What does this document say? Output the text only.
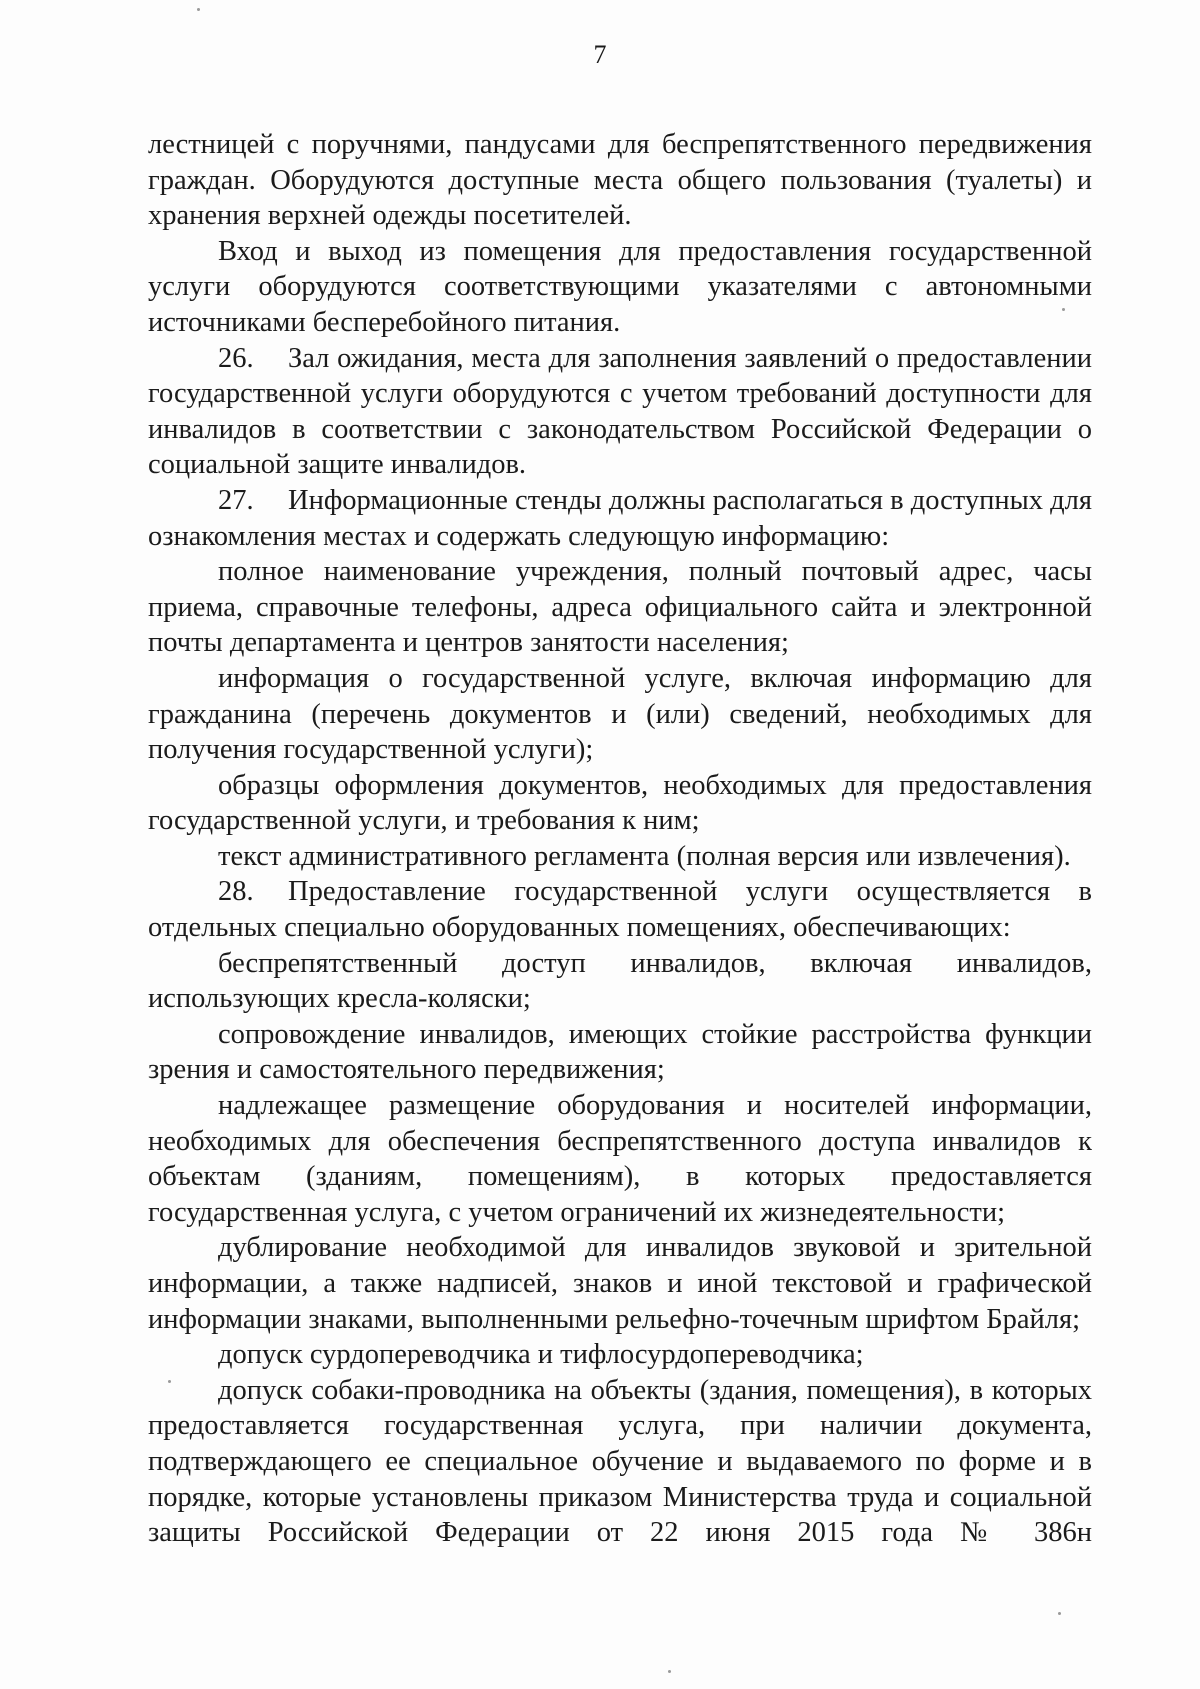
7

лестницей с поручнями, пандусами для беспрепятственного передвижения граждан. Оборудуются доступные места общего пользования (туалеты) и хранения верхней одежды посетителей.

Вход и выход из помещения для предоставления государственной услуги оборудуются соответствующими указателями с автономными источниками бесперебойного питания.

26. Зал ожидания, места для заполнения заявлений о предоставлении государственной услуги оборудуются с учетом требований доступности для инвалидов в соответствии с законодательством Российской Федерации о социальной защите инвалидов.

27. Информационные стенды должны располагаться в доступных для ознакомления местах и содержать следующую информацию:

полное наименование учреждения, полный почтовый адрес, часы приема, справочные телефоны, адреса официального сайта и электронной почты департамента и центров занятости населения;

информация о государственной услуге, включая информацию для гражданина (перечень документов и (или) сведений, необходимых для получения государственной услуги);

образцы оформления документов, необходимых для предоставления государственной услуги, и требования к ним;

текст административного регламента (полная версия или извлечения).

28. Предоставление государственной услуги осуществляется в отдельных специально оборудованных помещениях, обеспечивающих:

беспрепятственный доступ инвалидов, включая инвалидов, использующих кресла-коляски;

сопровождение инвалидов, имеющих стойкие расстройства функции зрения и самостоятельного передвижения;

надлежащее размещение оборудования и носителей информации, необходимых для обеспечения беспрепятственного доступа инвалидов к объектам (зданиям, помещениям), в которых предоставляется государственная услуга, с учетом ограничений их жизнедеятельности;

дублирование необходимой для инвалидов звуковой и зрительной информации, а также надписей, знаков и иной текстовой и графической информации знаками, выполненными рельефно-точечным шрифтом Брайля;

допуск сурдопереводчика и тифлосурдопереводчика;

допуск собаки-проводника на объекты (здания, помещения), в которых предоставляется государственная услуга, при наличии документа, подтверждающего ее специальное обучение и выдаваемого по форме и в порядке, которые установлены приказом Министерства труда и социальной защиты Российской Федерации от 22 июня 2015 года № 386н
